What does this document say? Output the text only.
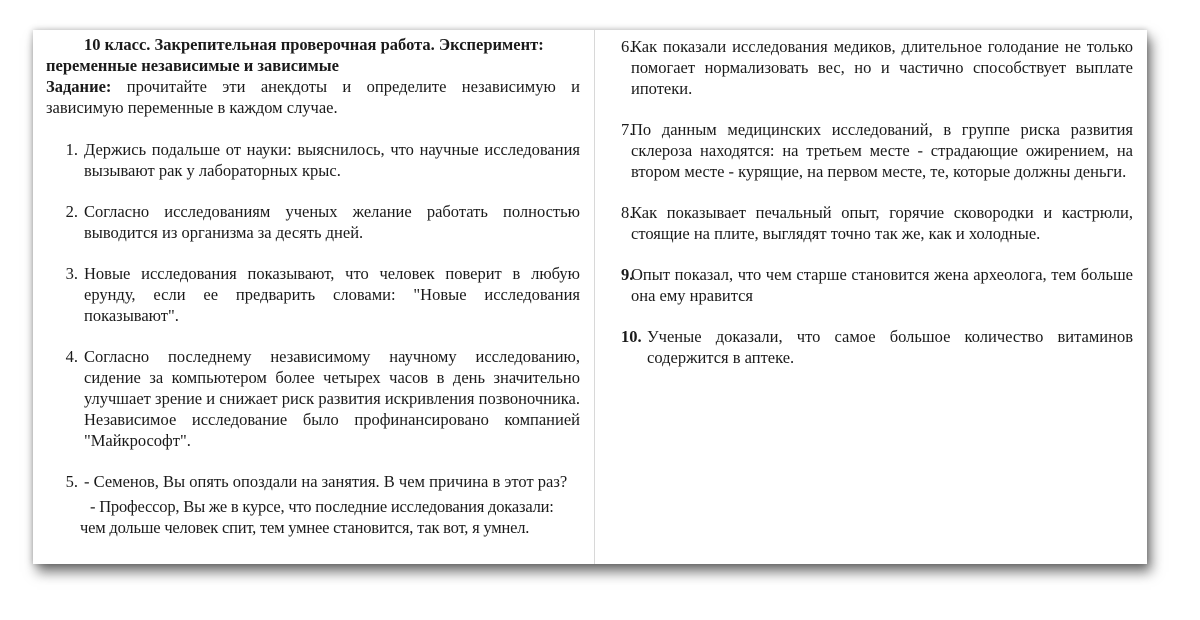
10 класс. Закрепительная проверочная работа. Эксперимент: переменные независимые и зависимые

Задание: прочитайте эти анекдоты и определите независимую и зависимую переменные в каждом случае.

1. Держись подальше от науки: выяснилось, что научные исследования вызывают рак у лабораторных крыс.
2. Согласно исследованиям ученых желание работать полностью выводится из организма за десять дней.
3. Новые исследования показывают, что человек поверит в любую ерунду, если ее предварить словами: "Новые исследования показывают".
4. Согласно последнему независимому научному исследованию, сидение за компьютером более четырех часов в день значительно улучшает зрение и снижает риск развития искривления позвоночника. Независимое исследование было профинансировано компанией "Майкрософт".
5. - Семенов, Вы опять опоздали на занятия. В чем причина в этот раз?

- Профессор, Вы же в курсе, что последние исследования доказали:
чем дольше человек спит, тем умнее становится, так вот, я умнел.

6.
Как показали исследования медиков, длительное голодание не только помогает нормализовать вес, но и частично способствует выплате ипотеки.
7.
По данным медицинских исследований, в группе риска развития склероза находятся: на третьем месте - страдающие ожирением, на втором месте - курящие, на первом месте, те, которые должны деньги.
8.
Как показывает печальный опыт, горячие сковородки и кастрюли, стоящие на плите, выглядят точно так же, как и холодные.
9.
Опыт показал, что чем старше становится жена археолога, тем больше она ему нравится
10. Ученые доказали, что самое большое количество витаминов содержится в аптеке.
